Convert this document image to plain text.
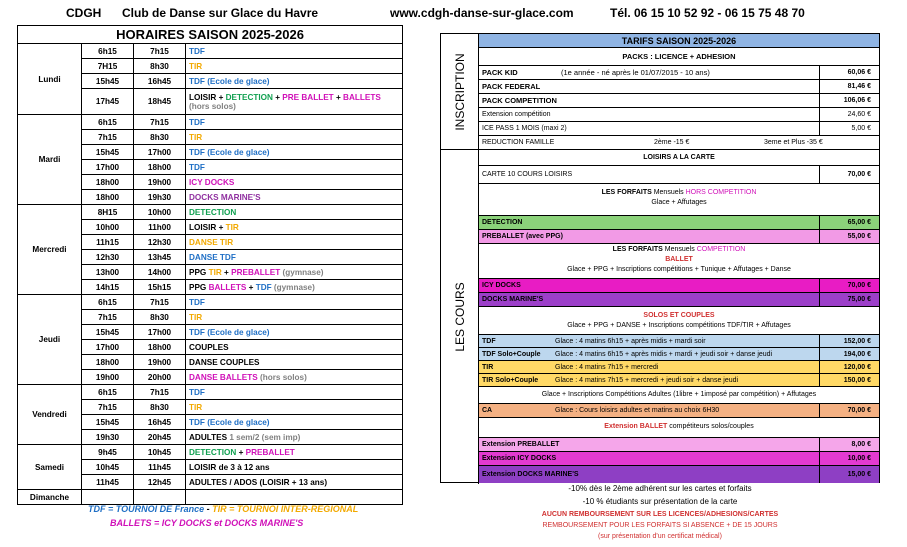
CDGH Club de Danse sur Glace du Havre	www.cdgh-danse-sur-glace.com	Tél. 06 15 10 52 92 - 06 15 75 48 70
HORAIRES SAISON 2025-2026			
Lundi	6h15	7h15	TDF
	7H15	8h30	TIR
	15h45	16h45	TDF (Ecole de glace)
	17h45	18h45	LOISIR + DETECTION + PRE BALLET + BALLETS (hors solos)
Mardi	6h15	7h15	TDF
	7h15	8h30	TIR
	15h45	17h00	TDF (Ecole de glace)
	17h00	18h00	TDF
	18h00	19h00	ICY DOCKS
	18h00	19h30	DOCKS MARINE'S
Mercredi	8H15	10h00	DETECTION
	10h00	11h00	LOISIR + TIR
	11h15	12h30	DANSE TIR
	12h30	13h45	DANSE TDF
	13h00	14h00	PPG TIR + PREBALLET (gymnase)
	14h15	15h15	PPG BALLETS + TDF (gymnase)
Jeudi	6h15	7h15	TDF
	7h15	8h30	TIR
	15h45	17h00	TDF (Ecole de glace)
	17h00	18h00	COUPLES
	18h00	19h00	DANSE COUPLES
	19h00	20h00	DANSE BALLETS (hors solos)
Vendredi	6h15	7h15	TDF
	7h15	8h30	TIR
	15h45	16h45	TDF (Ecole de glace)
	19h30	20h45	ADULTES 1 sem/2 (sem imp)
Samedi	9h45	10h45	DETECTION + PREBALLET
	10h45	11h45	LOISIR de 3 à 12 ans
	11h45	12h45	ADULTES / ADOS (LOISIR + 13 ans)
Dimanche			
TDF = TOURNOI DE France - TIR = TOURNOI INTER-REGIONAL
BALLETS = ICY DOCKS et DOCKS MARINE'S
TARIFS SAISON 2025-2026
INSCRIPTION
LES COURS
PACKS : LICENCE + ADHESION
PACK KID	(1e année - né après le 01/07/2015 - 10 ans)	60,06 €
PACK FEDERAL	81,46 €
PACK COMPETITION	106,06 €
Extension compétition	24,60 €
ICE PASS 1 MOIS (maxi 2)	5,00 €
REDUCTION FAMILLE	2ème -15 €	3eme et Plus -35 €
LOISIRS A LA CARTE
CARTE 10 COURS LOISIRS	70,00 €
LES FORFAITS Mensuels HORS COMPETITION
Glace + Affutages
DETECTION	65,00 €
PREBALLET (avec PPG)	55,00 €
LES FORFAITS Mensuels COMPETITION
BALLET
Glace + PPG + Inscriptions compétitions + Tunique + Affutages + Danse
ICY DOCKS	70,00 €
DOCKS MARINE'S	75,00 €
SOLOS ET COUPLES
Glace + PPG + DANSE + Inscriptions compétitions TDF/TIR + Affutages
TDF	Glace : 4 matins 6h15 + après midis + mardi soir	152,00 €
TDF Solo+Couple Glace : 4 matins 6h15 + après midis + mardi + jeudi soir + danse jeudi	194,00 €
TIR	Glace : 4 matins 7h15 + mercredi	120,00 €
TIR Solo+Couple Glace : 4 matins 7h15 + mercredi + jeudi soir + danse jeudi	150,00 €
Glace + Inscriptions Compétitions Adultes (1libre + 1imposé par compétition) + Affutages
CA	Glace : Cours loisirs adultes et matins au choix 6H30	70,00 €
Extension BALLET compétiteurs solos/couples
Extension PREBALLET	8,00 €
Extension ICY DOCKS	10,00 €
Extension DOCKS MARINE'S	15,00 €
-10% dès le 2ème adhérent sur les cartes et forfaits
-10 % étudiants sur présentation de la carte
AUCUN REMBOURSEMENT SUR LES LICENCES/ADHESIONS/CARTES
REMBOURSEMENT POUR LES FORFAITS SI ABSENCE + DE 15 JOURS
(sur présentation d'un certificat médical)
